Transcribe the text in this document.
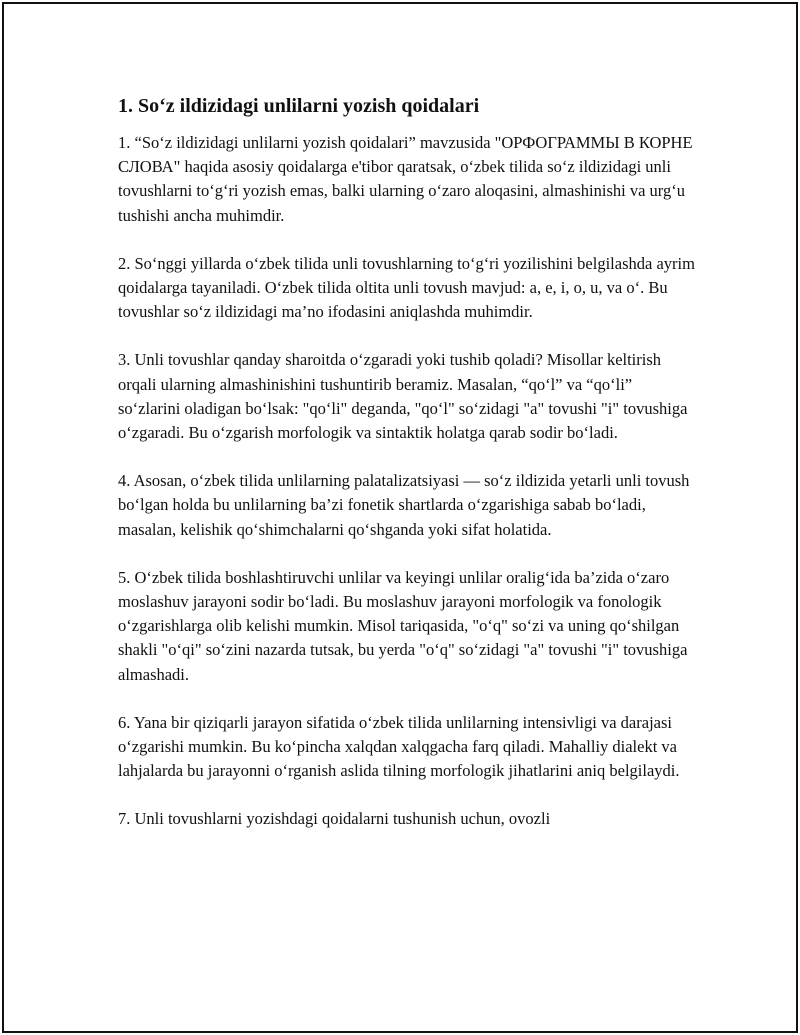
1. So‘z ildizidagi unlilarni yozish qoidalari

1. “So‘z ildizidagi unlilarni yozish qoidalari” mavzusida "ОРФОГРАММЫ В КОРНЕ СЛОВА" haqida asosiy qoidalarga e'tibor qaratsak, o‘zbek tilida so‘z ildizidagi unli tovushlarni to‘g‘ri yozish emas, balki ularning o‘zaro aloqasini, almashinishi va urg‘u tushishi ancha muhimdir.

2. So‘nggi yillarda o‘zbek tilida unli tovushlarning to‘g‘ri yozilishini belgilashda ayrim qoidalarga tayaniladi. O‘zbek tilida oltita unli tovush mavjud: a, e, i, o, u, va o‘. Bu tovushlar so‘z ildizidagi ma’no ifodasini aniqlashda muhimdir.

3. Unli tovushlar qanday sharoitda o‘zgaradi yoki tushib qoladi? Misollar keltirish orqali ularning almashinishini tushuntirib beramiz. Masalan, “qo‘l” va “qo‘li” so‘zlarini oladigan bo‘lsak: "qo‘li" deganda, "qo‘l" so‘zidagi "a" tovushi "i" tovushiga o‘zgaradi. Bu o‘zgarish morfologik va sintaktik holatga qarab sodir bo‘ladi.

4. Asosan, o‘zbek tilida unlilarning palatalizatsiyasi — so‘z ildizida yetarli unli tovush bo‘lgan holda bu unlilarning ba’zi fonetik shartlarda o‘zgarishiga sabab bo‘ladi, masalan, kelishik qo‘shimchalarni qo‘shganda yoki sifat holatida.

5. O‘zbek tilida boshlashtiruvchi unlilar va keyingi unlilar oralig‘ida ba’zida o‘zaro moslashuv jarayoni sodir bo‘ladi. Bu moslashuv jarayoni morfologik va fonologik o‘zgarishlarga olib kelishi mumkin. Misol tariqasida, "o‘q" so‘zi va uning qo‘shilgan shakli "o‘qi" so‘zini nazarda tutsak, bu yerda "o‘q" so‘zidagi "a" tovushi "i" tovushiga almashadi.

6. Yana bir qiziqarli jarayon sifatida o‘zbek tilida unlilarning intensivligi va darajasi o‘zgarishi mumkin. Bu ko‘pincha xalqdan xalqgacha farq qiladi. Mahalliy dialekt va lahjalarda bu jarayonni o‘rganish aslida tilning morfologik jihatlarini aniq belgilaydi.

7. Unli tovushlarni yozishdagi qoidalarni tushunish uchun, ovozli
